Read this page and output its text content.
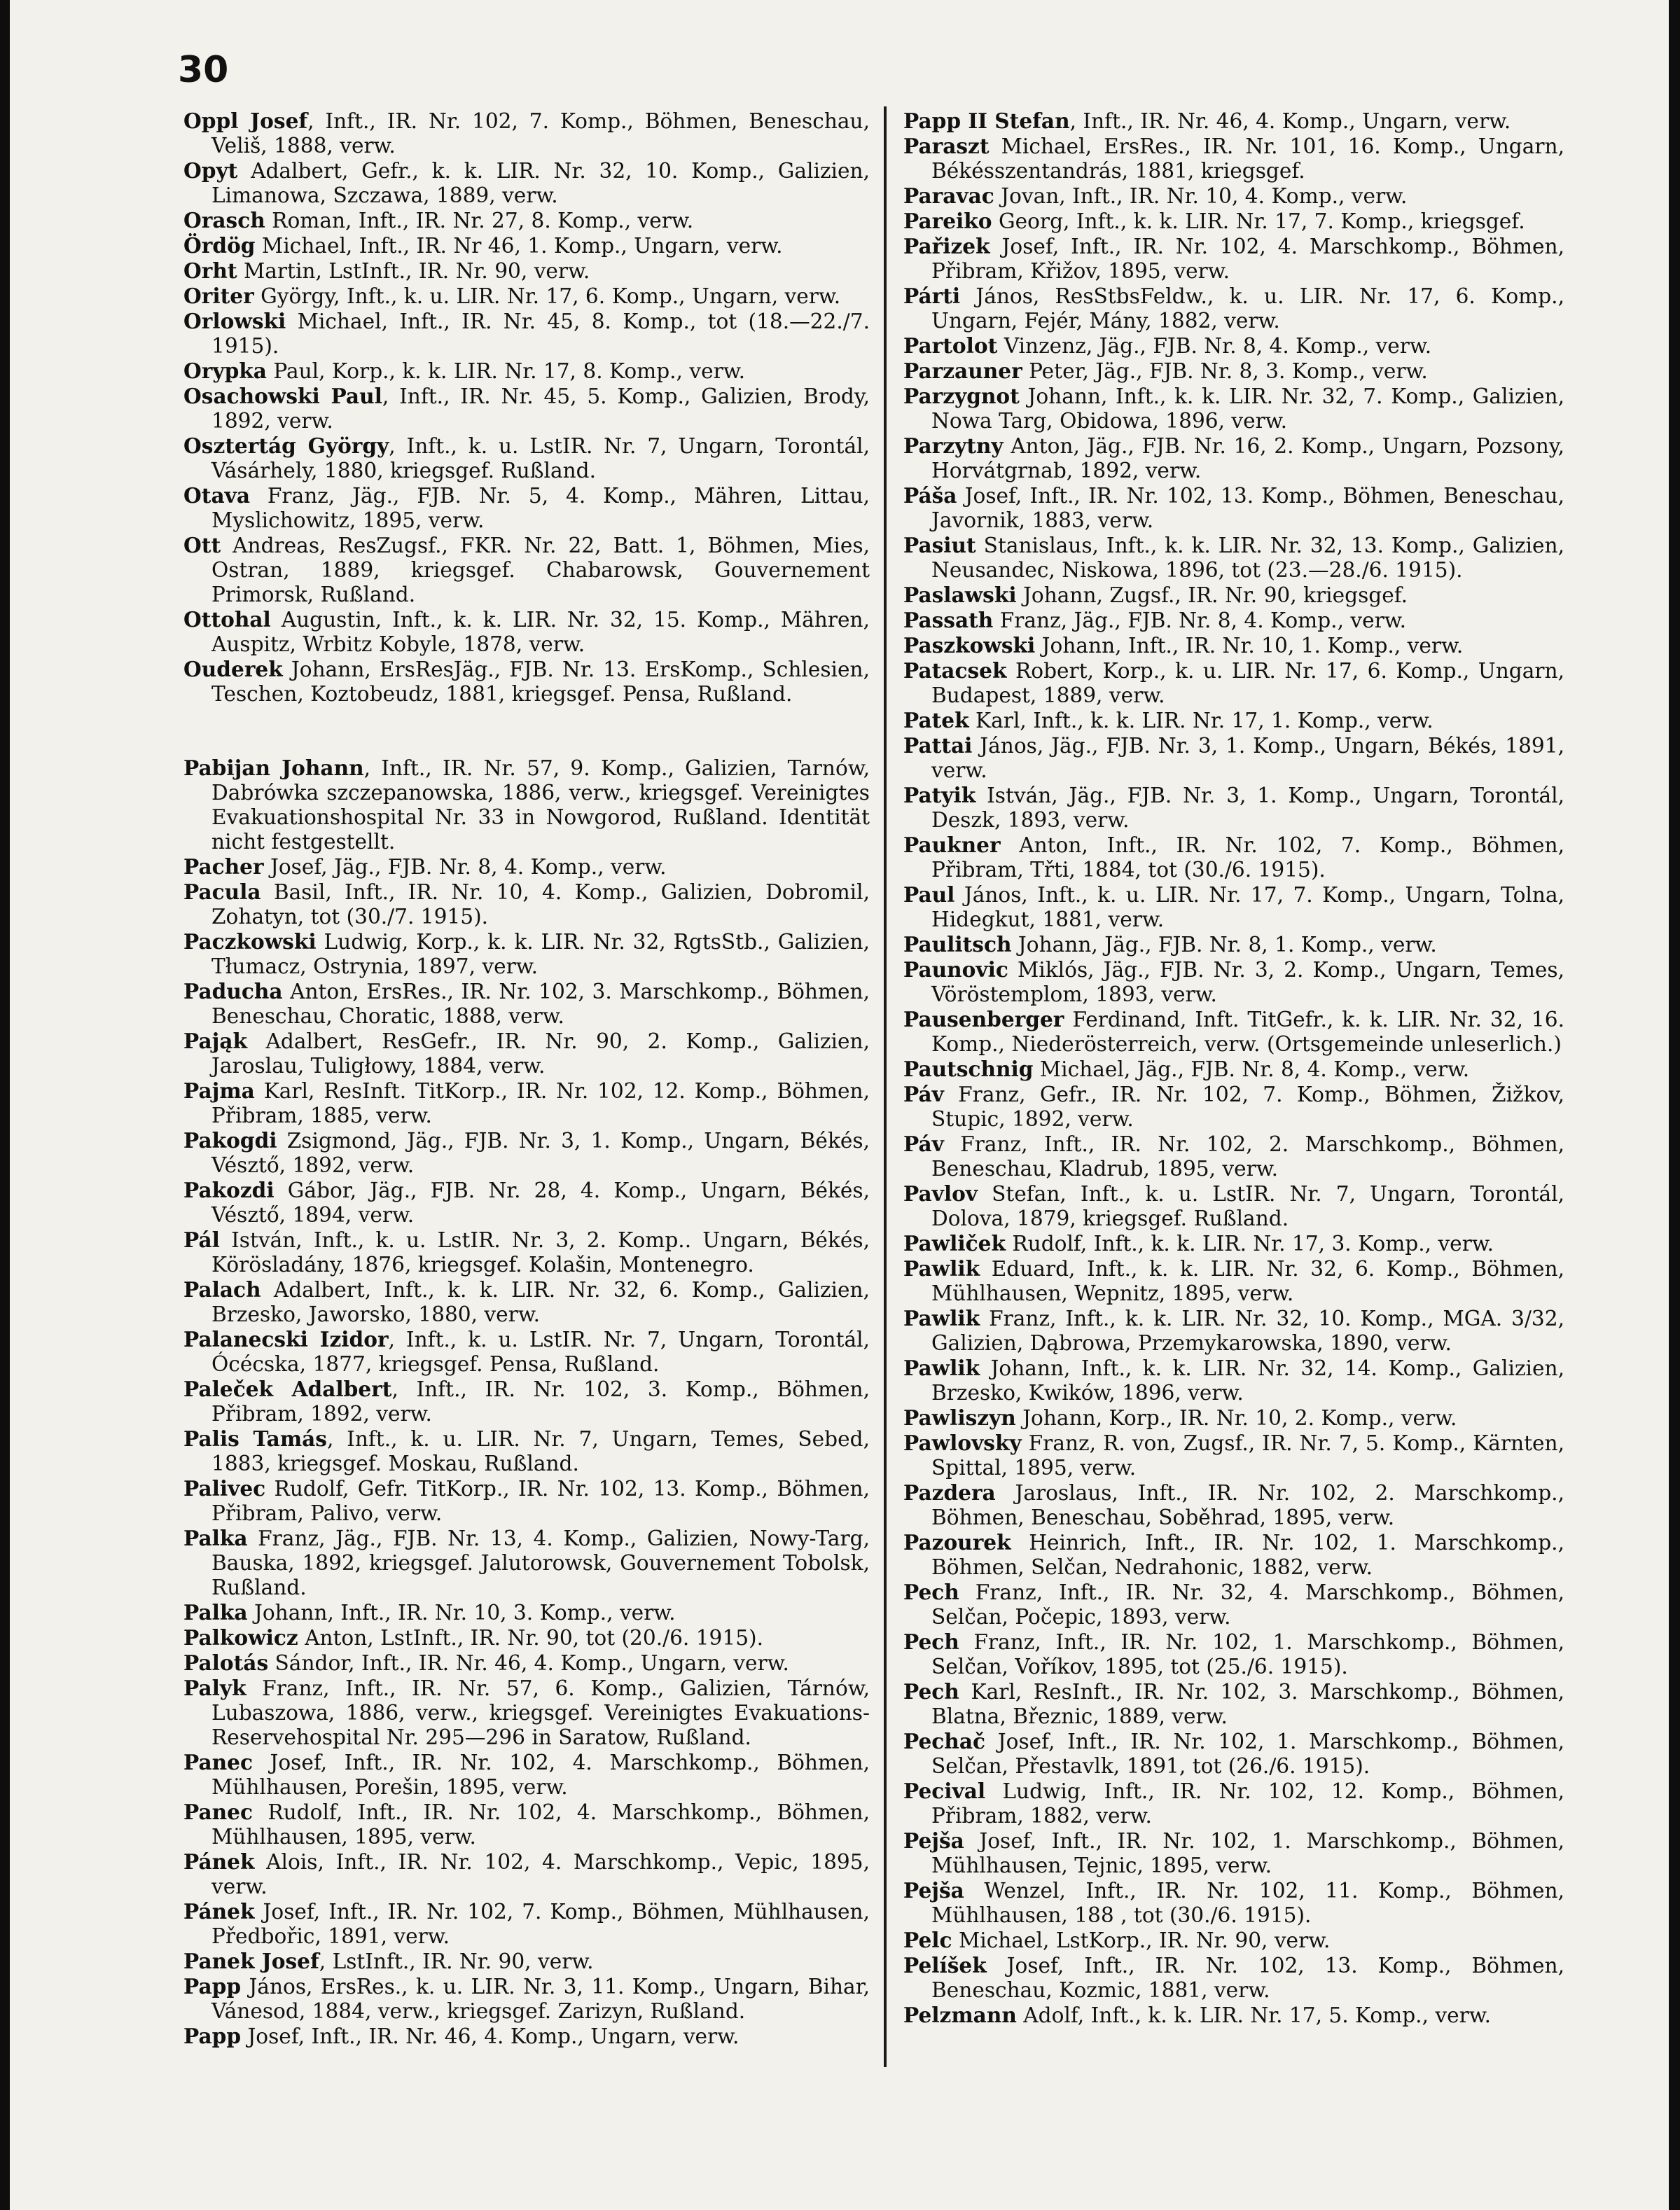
30

Oppl Josef, Inft., IR. Nr. 102, 7. Komp., Böhmen, Beneschau, Veliš, 1888, verw.

Opyt Adalbert, Gefr., k. k. LIR. Nr. 32, 10. Komp., Galizien, Limanowa, Szczawa, 1889, verw.

Orasch Roman, Inft., IR. Nr. 27, 8. Komp., verw.

Ördög Michael, Inft., IR. Nr 46, 1. Komp., Ungarn, verw.

Orht Martin, LstInft., IR. Nr. 90, verw.

Oriter György, Inft., k. u. LIR. Nr. 17, 6. Komp., Ungarn, verw.

Orlowski Michael, Inft., IR. Nr. 45, 8. Komp., tot (18.—22./7. 1915).

Orypka Paul, Korp., k. k. LIR. Nr. 17, 8. Komp., verw.

Osachowski Paul, Inft., IR. Nr. 45, 5. Komp., Galizien, Brody, 1892, verw.

Osztertág György, Inft., k. u. LstIR. Nr. 7, Ungarn, Torontál, Vásárhely, 1880, kriegsgef. Rußland.

Otava Franz, Jäg., FJB. Nr. 5, 4. Komp., Mähren, Littau, Myslichowitz, 1895, verw.

Ott Andreas, ResZugsf., FKR. Nr. 22, Batt. 1, Böhmen, Mies, Ostran, 1889, kriegsgef. Chabarowsk, Gouvernement Primorsk, Rußland.

Ottohal Augustin, Inft., k. k. LIR. Nr. 32, 15. Komp., Mähren, Auspitz, Wrbitz Kobyle, 1878, verw.

Ouderek Johann, ErsResJäg., FJB. Nr. 13. ErsKomp., Schlesien, Teschen, Koztobeudz, 1881, kriegsgef. Pensa, Rußland.

Pabijan Johann, Inft., IR. Nr. 57, 9. Komp., Galizien, Tarnów, Dabrówka szczepanowska, 1886, verw., kriegsgef. Vereinigtes Evakuationshospital Nr. 33 in Nowgorod, Rußland. Identität nicht festgestellt.

Pacher Josef, Jäg., FJB. Nr. 8, 4. Komp., verw.

Pacula Basil, Inft., IR. Nr. 10, 4. Komp., Galizien, Dobromil, Zohatyn, tot (30./7. 1915).

Paczkowski Ludwig, Korp., k. k. LIR. Nr. 32, RgtsStb., Galizien, Tłumacz, Ostrynia, 1897, verw.

Paducha Anton, ErsRes., IR. Nr. 102, 3. Marschkomp., Böhmen, Beneschau, Choratic, 1888, verw.

Pająk Adalbert, ResGefr., IR. Nr. 90, 2. Komp., Galizien, Jaroslau, Tuligłowy, 1884, verw.

Pajma Karl, ResInft. TitKorp., IR. Nr. 102, 12. Komp., Böhmen, Přibram, 1885, verw.

Pakogdi Zsigmond, Jäg., FJB. Nr. 3, 1. Komp., Ungarn, Békés, Vésztő, 1892, verw.

Pakozdi Gábor, Jäg., FJB. Nr. 28, 4. Komp., Ungarn, Békés, Vésztő, 1894, verw.

Pál István, Inft., k. u. LstIR. Nr. 3, 2. Komp.. Ungarn, Békés, Körösladány, 1876, kriegsgef. Kolašin, Montenegro.

Palach Adalbert, Inft., k. k. LIR. Nr. 32, 6. Komp., Galizien, Brzesko, Jaworsko, 1880, verw.

Palanecski Izidor, Inft., k. u. LstIR. Nr. 7, Ungarn, Torontál, Ócécska, 1877, kriegsgef. Pensa, Rußland.

Paleček Adalbert, Inft., IR. Nr. 102, 3. Komp., Böhmen, Přibram, 1892, verw.

Palis Tamás, Inft., k. u. LIR. Nr. 7, Ungarn, Temes, Sebed, 1883, kriegsgef. Moskau, Rußland.

Palivec Rudolf, Gefr. TitKorp., IR. Nr. 102, 13. Komp., Böhmen, Přibram, Palivo, verw.

Palka Franz, Jäg., FJB. Nr. 13, 4. Komp., Galizien, Nowy-Targ, Bauska, 1892, kriegsgef. Jalutorowsk, Gouvernement Tobolsk, Rußland.

Palka Johann, Inft., IR. Nr. 10, 3. Komp., verw.

Palkowicz Anton, LstInft., IR. Nr. 90, tot (20./6. 1915).

Palotás Sándor, Inft., IR. Nr. 46, 4. Komp., Ungarn, verw.

Palyk Franz, Inft., IR. Nr. 57, 6. Komp., Galizien, Tárnów, Lubaszowa, 1886, verw., kriegsgef. Vereinigtes Evakuations-Reservehospital Nr. 295—296 in Saratow, Rußland.

Panec Josef, Inft., IR. Nr. 102, 4. Marschkomp., Böhmen, Mühlhausen, Porešin, 1895, verw.

Panec Rudolf, Inft., IR. Nr. 102, 4. Marschkomp., Böhmen, Mühlhausen, 1895, verw.

Pánek Alois, Inft., IR. Nr. 102, 4. Marschkomp., Vepic, 1895, verw.

Pánek Josef, Inft., IR. Nr. 102, 7. Komp., Böhmen, Mühlhausen, Předbořic, 1891, verw.

Panek Josef, LstInft., IR. Nr. 90, verw.

Papp János, ErsRes., k. u. LIR. Nr. 3, 11. Komp., Ungarn, Bihar, Vánesod, 1884, verw., kriegsgef. Zarizyn, Rußland.

Papp Josef, Inft., IR. Nr. 46, 4. Komp., Ungarn, verw.

Papp II Stefan, Inft., IR. Nr. 46, 4. Komp., Ungarn, verw.

Paraszt Michael, ErsRes., IR. Nr. 101, 16. Komp., Ungarn, Békésszentandrás, 1881, kriegsgef.

Paravac Jovan, Inft., IR. Nr. 10, 4. Komp., verw.

Pareiko Georg, Inft., k. k. LIR. Nr. 17, 7. Komp., kriegsgef.

Pařizek Josef, Inft., IR. Nr. 102, 4. Marschkomp., Böhmen, Přibram, Křižov, 1895, verw.

Párti János, ResStbsFeldw., k. u. LIR. Nr. 17, 6. Komp., Ungarn, Fejér, Mány, 1882, verw.

Partolot Vinzenz, Jäg., FJB. Nr. 8, 4. Komp., verw.

Parzauner Peter, Jäg., FJB. Nr. 8, 3. Komp., verw.

Parzygnot Johann, Inft., k. k. LIR. Nr. 32, 7. Komp., Galizien, Nowa Targ, Obidowa, 1896, verw.

Parzytny Anton, Jäg., FJB. Nr. 16, 2. Komp., Ungarn, Pozsony, Horvátgrnab, 1892, verw.

Páša Josef, Inft., IR. Nr. 102, 13. Komp., Böhmen, Beneschau, Javornik, 1883, verw.

Pasiut Stanislaus, Inft., k. k. LIR. Nr. 32, 13. Komp., Galizien, Neusandec, Niskowa, 1896, tot (23.—28./6. 1915).

Paslawski Johann, Zugsf., IR. Nr. 90, kriegsgef.

Passath Franz, Jäg., FJB. Nr. 8, 4. Komp., verw.

Paszkowski Johann, Inft., IR. Nr. 10, 1. Komp., verw.

Patacsek Robert, Korp., k. u. LIR. Nr. 17, 6. Komp., Ungarn, Budapest, 1889, verw.

Patek Karl, Inft., k. k. LIR. Nr. 17, 1. Komp., verw.

Pattai János, Jäg., FJB. Nr. 3, 1. Komp., Ungarn, Békés, 1891, verw.

Patyik István, Jäg., FJB. Nr. 3, 1. Komp., Ungarn, Torontál, Deszk, 1893, verw.

Paukner Anton, Inft., IR. Nr. 102, 7. Komp., Böhmen, Přibram, Třti, 1884, tot (30./6. 1915).

Paul János, Inft., k. u. LIR. Nr. 17, 7. Komp., Ungarn, Tolna, Hidegkut, 1881, verw.

Paulitsch Johann, Jäg., FJB. Nr. 8, 1. Komp., verw.

Paunovic Miklós, Jäg., FJB. Nr. 3, 2. Komp., Ungarn, Temes, Vöröstemplom, 1893, verw.

Pausenberger Ferdinand, Inft. TitGefr., k. k. LIR. Nr. 32, 16. Komp., Niederösterreich, verw. (Ortsgemeinde unleserlich.)

Pautschnig Michael, Jäg., FJB. Nr. 8, 4. Komp., verw.

Páv Franz, Gefr., IR. Nr. 102, 7. Komp., Böhmen, Žižkov, Stupic, 1892, verw.

Páv Franz, Inft., IR. Nr. 102, 2. Marschkomp., Böhmen, Beneschau, Kladrub, 1895, verw.

Pavlov Stefan, Inft., k. u. LstIR. Nr. 7, Ungarn, Torontál, Dolova, 1879, kriegsgef. Rußland.

Pawliček Rudolf, Inft., k. k. LIR. Nr. 17, 3. Komp., verw.

Pawlik Eduard, Inft., k. k. LIR. Nr. 32, 6. Komp., Böhmen, Mühlhausen, Wepnitz, 1895, verw.

Pawlik Franz, Inft., k. k. LIR. Nr. 32, 10. Komp., MGA. 3/32, Galizien, Dąbrowa, Przemykarowska, 1890, verw.

Pawlik Johann, Inft., k. k. LIR. Nr. 32, 14. Komp., Galizien, Brzesko, Kwików, 1896, verw.

Pawliszyn Johann, Korp., IR. Nr. 10, 2. Komp., verw.

Pawlovsky Franz, R. von, Zugsf., IR. Nr. 7, 5. Komp., Kärnten, Spittal, 1895, verw.

Pazdera Jaroslaus, Inft., IR. Nr. 102, 2. Marschkomp., Böhmen, Beneschau, Soběhrad, 1895, verw.

Pazourek Heinrich, Inft., IR. Nr. 102, 1. Marschkomp., Böhmen, Selčan, Nedrahonic, 1882, verw.

Pech Franz, Inft., IR. Nr. 32, 4. Marschkomp., Böhmen, Selčan, Počepic, 1893, verw.

Pech Franz, Inft., IR. Nr. 102, 1. Marschkomp., Böhmen, Selčan, Voříkov, 1895, tot (25./6. 1915).

Pech Karl, ResInft., IR. Nr. 102, 3. Marschkomp., Böhmen, Blatna, Březnic, 1889, verw.

Pechač Josef, Inft., IR. Nr. 102, 1. Marschkomp., Böhmen, Selčan, Přestavlk, 1891, tot (26./6. 1915).

Pecival Ludwig, Inft., IR. Nr. 102, 12. Komp., Böhmen, Přibram, 1882, verw.

Pejša Josef, Inft., IR. Nr. 102, 1. Marschkomp., Böhmen, Mühlhausen, Tejnic, 1895, verw.

Pejša Wenzel, Inft., IR. Nr. 102, 11. Komp., Böhmen, Mühlhausen, 188 , tot (30./6. 1915).

Pelc Michael, LstKorp., IR. Nr. 90, verw.

Pelíšek Josef, Inft., IR. Nr. 102, 13. Komp., Böhmen, Beneschau, Kozmic, 1881, verw.

Pelzmann Adolf, Inft., k. k. LIR. Nr. 17, 5. Komp., verw.
